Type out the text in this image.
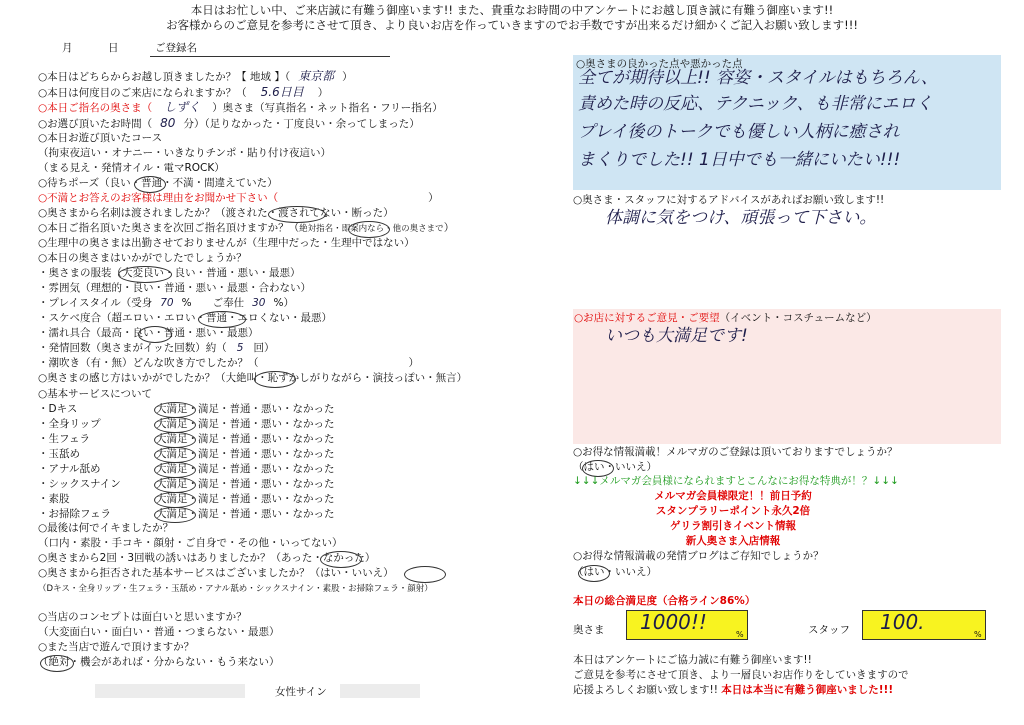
本日はお忙しい中、ご来店誠に有難う御座います!! また、貴重なお時間の中アンケートにお越し頂き誠に有難う御座います!!
お客様からのご意見を参考にさせて頂き、より良いお店を作っていきますのでお手数ですが出来るだけ細かくご記入お願い致します!!!
月	日	ご登録名
○本日はどちらからお越し頂きましたか？【 地域 】（ 東京都 ）
○本日は何度目のご来店になられますか？（ 5.6日目 ）
○本日ご指名の奥さま（ しずく ）奥さま（写真指名・ネット指名・フリー指名）
○お選び頂いたお時間（ 80 分）（足りなかった・丁度良い・余ってしまった）
○本日お遊び頂いたコース
（拘束夜這い・オナニー・いきなりチンポ・貼り付け夜這い）
（まる見え・発情オイル・電マROCK）
○待ちポーズ（良い・普通・不満・間違えていた）
○不満とお答えのお客様は理由をお聞かせ下さい（	）
○奥さまから名刺は渡されましたか？（渡された・渡されてない・断った）
○本日ご指名頂いた奥さまを次回ご指名頂けますか？（絶対指名・即案内なら・他の奥さまで）
○生理中の奥さまは出勤させておりませんが（生理中だった・生理中ではない）
○本日の奥さまはいかがでしたでしょうか？
・奥さまの服装（大変良い・良い・普通・悪い・最悪）
・雰囲気（理想的・良い・普通・悪い・最悪・合わない）
・プレイスタイル（受身 70 %　　ご奉仕 30 %）
・スケベ度合（超エロい・エロい・普通・エロくない・最悪）
・濡れ具合（最高・良い・普通・悪い・最悪）
・発情回数（奥さまがイッた回数）約（ 5 回）
・潮吹き（有・無）どんな吹き方でしたか？（	）
○奥さまの感じ方はいかがでしたか？（大絶叫・恥ずかしがりながら・演技っぽい・無言）
○基本サービスについて
・Dキス	大満足・満足・普通・悪い・なかった
・全身リップ	大満足・満足・普通・悪い・なかった
・生フェラ	大満足・満足・普通・悪い・なかった
・玉舐め	大満足・満足・普通・悪い・なかった
・アナル舐め	大満足・満足・普通・悪い・なかった
・シックスナイン	大満足・満足・普通・悪い・なかった
・素股	大満足・満足・普通・悪い・なかった
・お掃除フェラ	大満足・満足・普通・悪い・なかった
○最後は何でイキましたか？
（口内・素股・手コキ・顔射・ご自身で・その他・いってない）
○奥さまから2回・3回戦の誘いはありましたか？（あった・なかった）
○奥さまから拒否された基本サービスはございましたか？（はい・いいえ）
（Dキス・全身リップ・生フェラ・玉舐め・アナル舐め・シックスナイン・素股・お掃除フェラ・顔射）
○当店のコンセプトは面白いと思いますか？
（大変面白い・面白い・普通・つまらない・最悪）
○また当店で遊んで頂けますか？
（絶対・機会があれば・分からない・もう来ない）
女性サイン
○奥さまの良かった点や悪かった点
全てが期待以上!! 容姿・スタイルはもちろん、
責めた時の反応、テクニック、も非常にエロく
プレイ後のトークでも優しい人柄に癒され
まくりでした!! 1日中でも一緒にいたい!!!
○奥さま・スタッフに対するアドバイスがあればお願い致します!!
体調に気をつけ、頑張って下さい。
○お店に対するご意見・ご要望（イベント・コスチュームなど）
いつも大満足です!
○お得な情報満載！メルマガのご登録は頂いておりますでしょうか？
（はい・いいえ）
↓↓↓メルマガ会員様になられますとこんなにお得な特典が！？↓↓↓
メルマガ会員様限定！！前日予約
スタンプラリーポイント永久2倍
ゲリラ割引きイベント情報
新人奥さま入店情報
○お得な情報満載の発情ブログはご存知でしょうか？
（はい・いいえ）
本日の総合満足度（合格ライン86%）
奥さま 1000!!
%	スタッフ 100.
%
本日はアンケートにご協力誠に有難う御座います!!
ご意見を参考にさせて頂き、より一層良いお店作りをしていきますので
応援よろしくお願い致します!! 本日は本当に有難う御座いました!!!
